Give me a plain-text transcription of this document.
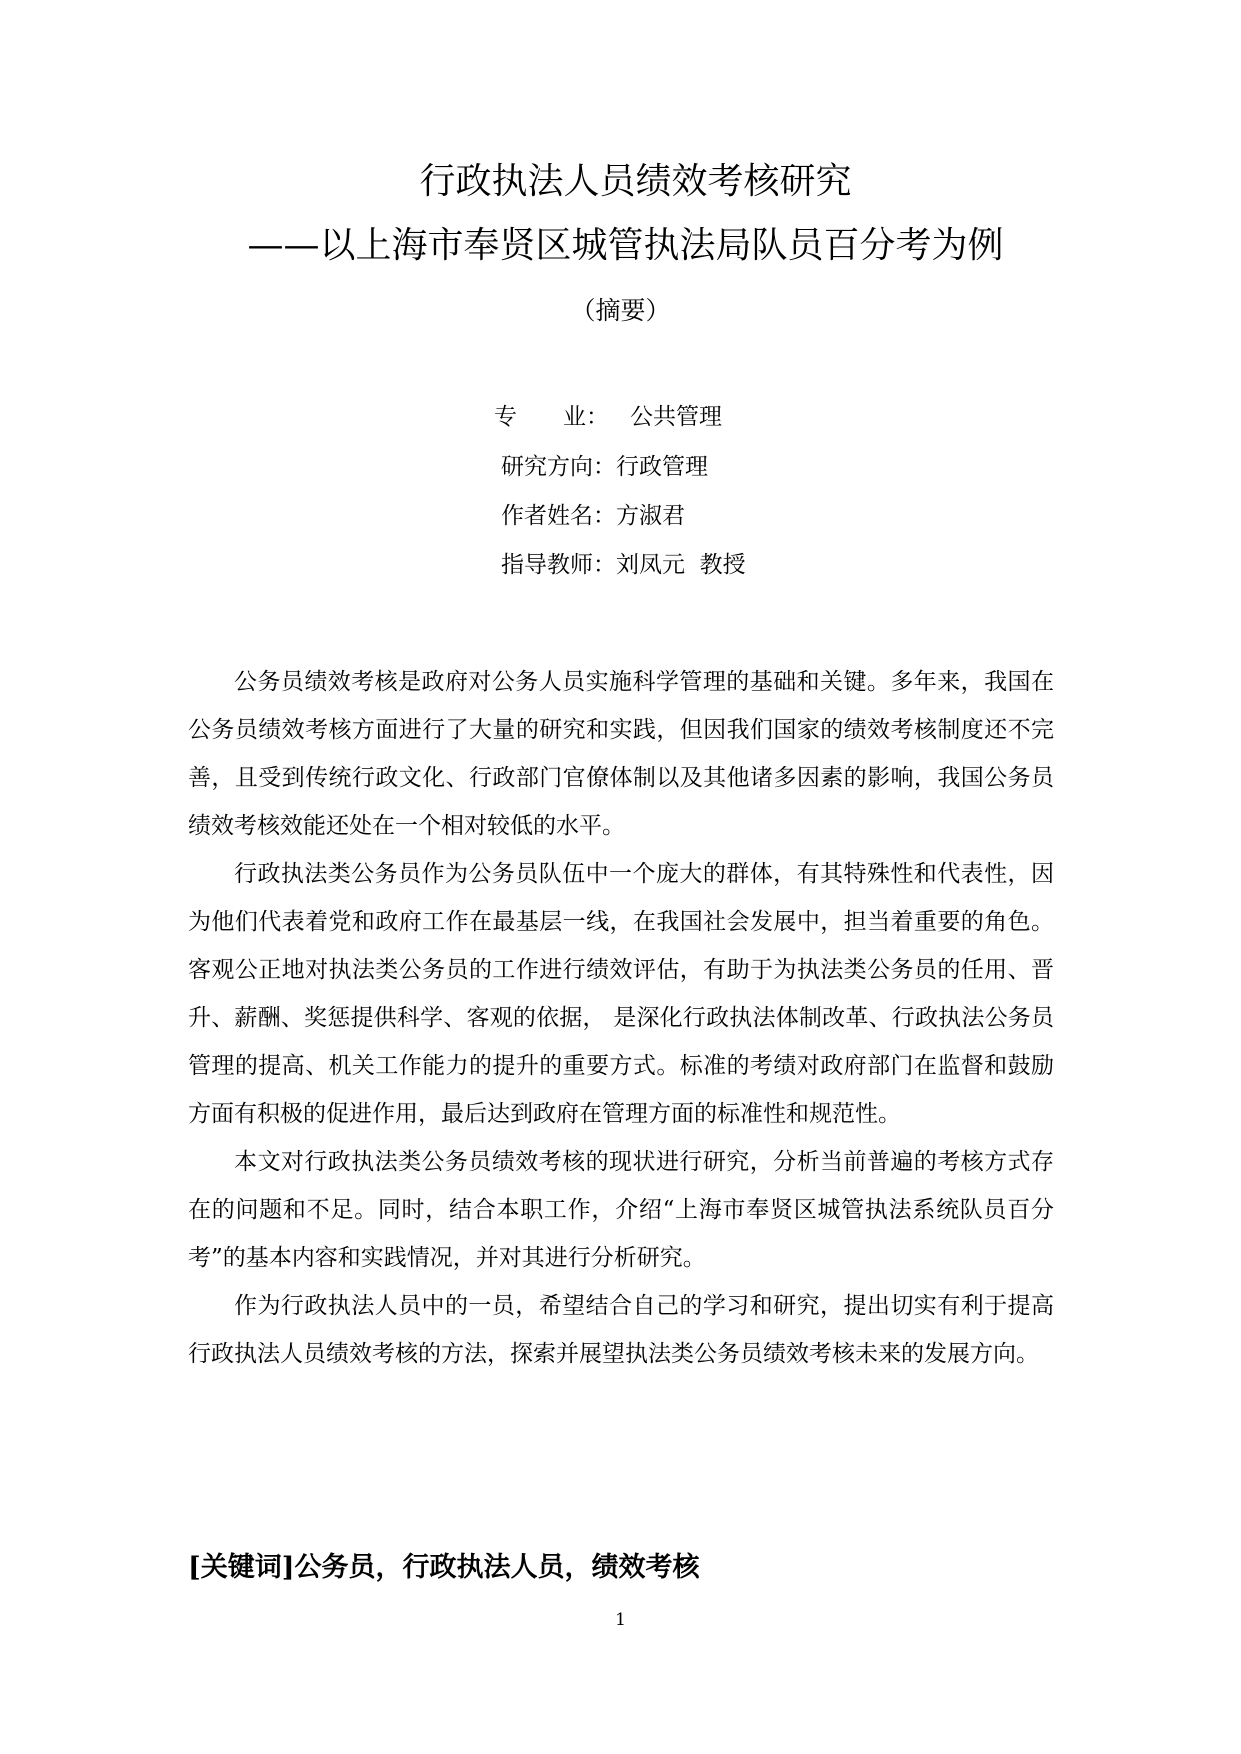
行政执法人员绩效考核研究
——以上海市奉贤区城管执法局队员百分考为例
（摘要）
专　　业： 公共管理
研究方向：行政管理
作者姓名：方淑君
指导教师：刘凤元  教授

公务员绩效考核是政府对公务人员实施科学管理的基础和关键。多年来，我国在公务员绩效考核方面进行了大量的研究和实践，但因我们国家的绩效考核制度还不完善，且受到传统行政文化、行政部门官僚体制以及其他诸多因素的影响，我国公务员绩效考核效能还处在一个相对较低的水平。

行政执法类公务员作为公务员队伍中一个庞大的群体，有其特殊性和代表性，因为他们代表着党和政府工作在最基层一线，在我国社会发展中，担当着重要的角色。客观公正地对执法类公务员的工作进行绩效评估，有助于为执法类公务员的任用、晋升、薪酬、奖惩提供科学、客观的依据， 是深化行政执法体制改革、行政执法公务员管理的提高、机关工作能力的提升的重要方式。标准的考绩对政府部门在监督和鼓励方面有积极的促进作用，最后达到政府在管理方面的标准性和规范性。

本文对行政执法类公务员绩效考核的现状进行研究，分析当前普遍的考核方式存在的问题和不足。同时，结合本职工作，介绍“上海市奉贤区城管执法系统队员百分考”的基本内容和实践情况，并对其进行分析研究。

作为行政执法人员中的一员，希望结合自己的学习和研究，提出切实有利于提高行政执法人员绩效考核的方法，探索并展望执法类公务员绩效考核未来的发展方向。

[关键词]公务员，行政执法人员，绩效考核
1
